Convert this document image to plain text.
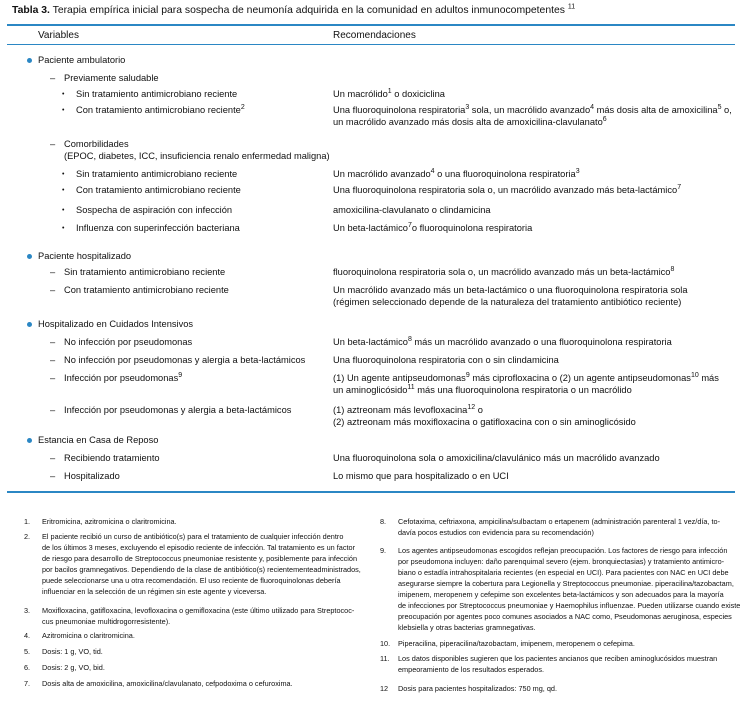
Tabla 3. Terapia empírica inicial para sospecha de neumonía adquirida en la comunidad en adultos inmunocompetentes $^{11}$
Variables	Recomendaciones
Paciente ambulatorio
– Previamente saludable
• Sin tratamiento antimicrobiano reciente	Un macrólido$^1$ o doxiciclina
• Con tratamiento antimicrobiano reciente$^2$	Una fluoroquinolona respiratoria$^3$ sola, un macrólido avanzado$^4$ más dosis alta de amoxicilina$^5$ o,
un macrólido avanzado más dosis alta de amoxicilina-clavulanato$^6$
– Comorbilidades
(EPOC, diabetes, ICC, insuficiencia renalo enfermedad maligna)
• Sin tratamiento antimicrobiano reciente	Un macrólido avanzado$^4$ o una fluoroquinolona respiratoria$^3$
• Con tratamiento antimicrobiano reciente	Una fluoroquinolona respiratoria sola o, un macrólido avanzado más beta-lactámico$^7$
• Sospecha de aspiración con infección	amoxicilina-clavulanato o clindamicina
• Influenza con superinfección bacteriana	Un beta-lactámico$^7$o fluoroquinolona respiratoria
Paciente hospitalizado
– Sin tratamiento antimicrobiano reciente	fluoroquinolona respiratoria sola o, un macrólido avanzado más un beta-lactámico$^8$
– Con tratamiento antimicrobiano reciente	Un macrólido avanzado más un beta-lactámico o una fluoroquinolona respiratoria sola
(régimen seleccionado depende de la naturaleza del tratamiento antibiótico reciente)
Hospitalizado en Cuidados Intensivos
– No infección por pseudomonas	Un beta-lactámico$^8$ más un macrólido avanzado o una fluoroquinolona respiratoria
– No infección por pseudomonas y alergia a beta-lactámicos	Una fluoroquinolona respiratoria con o sin clindamicina
– Infección por pseudomonas$^9$	(1) Un agente antipseudomonas$^9$ más ciprofloxacina o (2) un agente antipseudomonas$^{10}$ más
un aminoglicósido$^{11}$ más una fluoroquinolona respiratoria o un macrólido
– Infección por pseudomonas y alergia a beta-lactámicos	(1) aztreonam más levofloxacina$^{12}$ o
(2) aztreonam más moxifloxacina o gatifloxacina con o sin aminoglicósido
Estancia en Casa de Reposo
– Recibiendo tratamiento	Una fluoroquinolona sola o amoxicilina/clavulánico más un macrólido avanzado
– Hospitalizado	Lo mismo que para hospitalizado o en UCI
1. Eritromicina, azitromicina o claritromicina.
2. El paciente recibió un curso de antibiótico(s) para el tratamiento de cualquier infección dentro
de los últimos 3 meses, excluyendo el episodio reciente de infección. Tal tratamiento es un factor
de riesgo para desarrollo de Streptococcus pneumoniae resistente y, posiblemente para infección
por bacilos gramnegativos. Dependiendo de la clase de antibiótico(s) recientementeadministrados,
puede seleccionarse una u otra recomendación. El uso reciente de fluoroquinolonas debería
influenciar en la selección de un régimen sin este agente y viceversa.
3. Moxifloxacina, gatifloxacina, levofloxacina o gemifloxacina (este último utilizado para Streptococ-
cus pneumoniae multidrogorresistente).
4. Azitromicina o claritromicina.
5. Dosis: 1 g, VO, tid.
6. Dosis: 2 g, VO, bid.
7. Dosis alta de amoxicilina, amoxicilina/clavulanato, cefpodoxima o cefuroxima.
8. Cefotaxima, ceftriaxona, ampicilina/sulbactam o ertapenem (administración parenteral 1 vez/día, to-
davía pocos estudios con evidencia para su recomendación)
9. Los agentes antipseudomonas escogidos reflejan preocupación. Los factores de riesgo para infección
por pseudomona incluyen: daño parenquimal severo (ejem. bronquiectasias) y tratamiento antimicro-
biano o estadía intrahospitalaria recientes (en especial en UCI). Para pacientes con NAC en UCI debe
asegurarse siempre la cobertura para Legionella y Streptococcus pneumoniae. piperacilina/tazobactam,
imipenem, meropenem y cefepime son excelentes beta-lactámicos y son adecuados para la mayoría
de infecciones por Streptococcus pneumoniae y Haemophilus influenzae. Pueden utilizarse cuando existe
preocupación por agentes poco comunes asociados a NAC como, Pseudomonas aeruginosa, especies
klebsiella y otras bacterias gramnegativas.
10. Piperacilina, piperacilina/tazobactam, imipenem, meropenem o cefepima.
11. Los datos disponibles sugieren que los pacientes ancianos que reciben aminoglucósidos muestran
empeoramiento de los resultados esperados.
12 Dosis para pacientes hospitalizados: 750 mg, qd.
